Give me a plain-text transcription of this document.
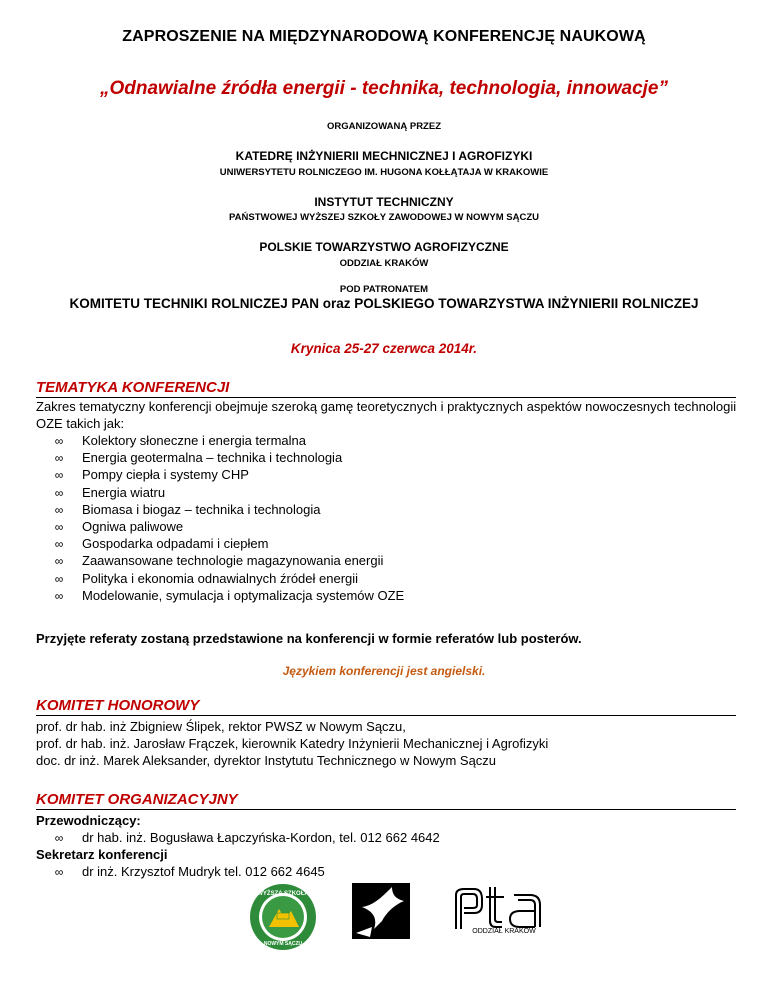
ZAPROSZENIE NA MIĘDZYNARODOWĄ KONFERENCJĘ NAUKOWĄ
„Odnawialne źródła energii - technika, technologia, innowacje”
ORGANIZOWANĄ PRZEZ
KATEDRĘ INŻYNIERII MECHNICZNEJ I AGROFIZYKI
UNIWERSYTETU ROLNICZEGO IM. HUGONA KOŁŁĄTAJA W KRAKOWIE
INSTYTUT TECHNICZNY
PAŃSTWOWEJ WYŻSZEJ SZKOŁY ZAWODOWEJ W NOWYM SĄCZU
POLSKIE TOWARZYSTWO AGROFIZYCZNE
ODDZIAŁ KRAKÓW
POD PATRONATEM
KOMITETU TECHNIKI ROLNICZEJ PAN oraz POLSKIEGO TOWARZYSTWA INŻYNIERII ROLNICZEJ
Krynica 25-27 czerwca 2014r.
TEMATYKA KONFERENCJI
Zakres tematyczny konferencji obejmuje szeroką gamę teoretycznych i praktycznych aspektów nowoczesnych technologii OZE takich jak:
∞ Kolektory słoneczne i energia termalna
∞ Energia geotermalna – technika i technologia
∞ Pompy ciepła i systemy CHP
∞ Energia wiatru
∞ Biomasa i biogaz – technika i technologia
∞ Ogniwa paliwowe
∞ Gospodarka odpadami i ciepłem
∞ Zaawansowane technologie magazynowania energii
∞ Polityka i ekonomia odnawialnych źródeł energii
∞ Modelowanie, symulacja i optymalizacja systemów OZE
Przyjęte referaty zostaną przedstawione na konferencji w formie referatów lub posterów.
Językiem konferencji jest angielski.
KOMITET HONOROWY
prof. dr hab. inż Zbigniew Ślipek, rektor PWSZ w Nowym Sączu,
prof. dr hab. inż. Jarosław Frączek, kierownik Katedry Inżynierii Mechanicznej i Agrofizyki
doc. dr inż. Marek Aleksander, dyrektor Instytutu Technicznego w Nowym Sączu
KOMITET ORGANIZACYJNY
Przewodniczący:
∞ dr hab. inż. Bogusława Łapczyńska-Kordon, tel. 012 662 4642
Sekretarz konferencji
∞ dr inż. Krzysztof Mudryk tel. 012 662 4645
WYŻSZA SZKOŁA
NOWYM SĄCZU
ODDZIAŁ KRAKÓW
